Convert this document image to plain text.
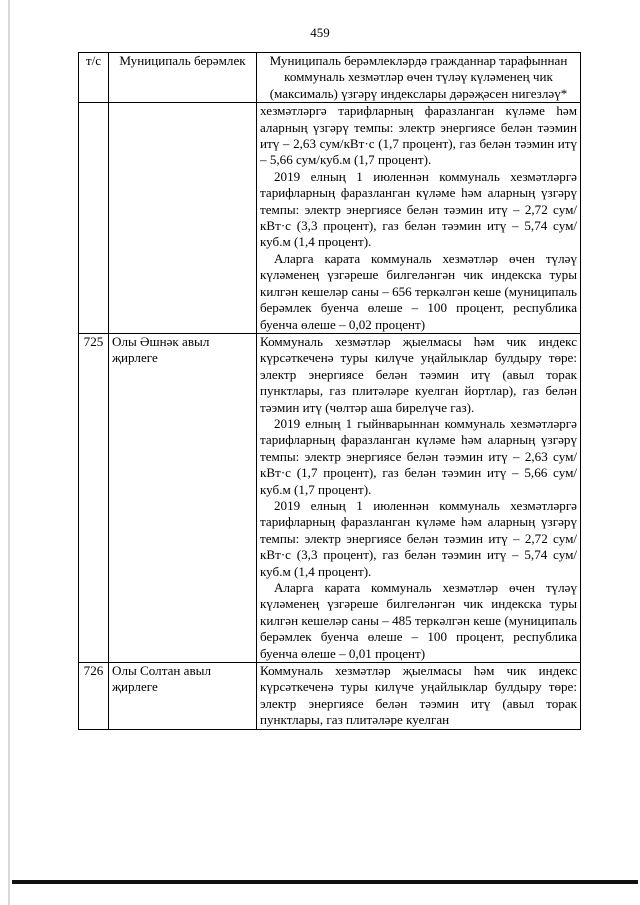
459
т/с	Муниципаль берәмлек	Муниципаль берәмлекләрдә гражданнар тарафыннан коммуналь хезмәтләр өчен түләү күләменең чик (максималь) үзгәрү индекслары дәрәҗәсен нигезләү*

		хезмәтләргә тарифларның фаразланган күләме һәм аларның үзгәрү темпы: электр энергиясе белән тәэмин итү – 2,63 сум/кВт·с (1,7 процент), газ белән тәэмин итү – 5,66 сум/куб.м (1,7 процент).
2019 елның 1 июленнән коммуналь хезмәтләргә тарифларның фаразланган күләме һәм аларның үзгәрү темпы: электр энергиясе белән тәэмин итү – 2,72 сум/кВт·с (3,3 процент), газ белән тәэмин итү – 5,74 сум/куб.м (1,4 процент).
Аларга карата коммуналь хезмәтләр өчен түләү күләменең үзгәреше билгеләнгән чик индекска туры килгән кешеләр саны – 656 теркәлгән кеше (муниципаль берәмлек буенча өлеше – 100 процент, республика буенча өлеше – 0,02 процент)

725	Олы Әшнәк авыл җирлеге	Коммуналь хезмәтләр җыелмасы һәм чик индекс күрсәткеченә туры килүче уңайлыклар булдыру төре: электр энергиясе белән тәэмин итү (авыл торак пунктлары, газ плитәләре куелган йортлар), газ белән тәэмин итү (чөлтәр аша бирелүче газ).
2019 елның 1 гыйнварыннан коммуналь хезмәтләргә тарифларның фаразланган күләме һәм аларның үзгәрү темпы: электр энергиясе белән тәэмин итү – 2,63 сум/кВт·с (1,7 процент), газ белән тәэмин итү – 5,66 сум/куб.м (1,7 процент).
2019 елның 1 июленнән коммуналь хезмәтләргә тарифларның фаразланган күләме һәм аларның үзгәрү темпы: электр энергиясе белән тәэмин итү – 2,72 сум/кВт·с (3,3 процент), газ белән тәэмин итү – 5,74 сум/куб.м (1,4 процент).
Аларга карата коммуналь хезмәтләр өчен түләү күләменең үзгәреше билгеләнгән чик индекска туры килгән кешеләр саны – 485 теркәлгән кеше (муниципаль берәмлек буенча өлеше – 100 процент, республика буенча өлеше – 0,01 процент)

726	Олы Солтан авыл җирлеге	Коммуналь хезмәтләр җыелмасы һәм чик индекс күрсәткеченә туры килүче уңайлыклар булдыру төре: электр энергиясе белән тәэмин итү (авыл торак пунктлары, газ плитәләре куелган
